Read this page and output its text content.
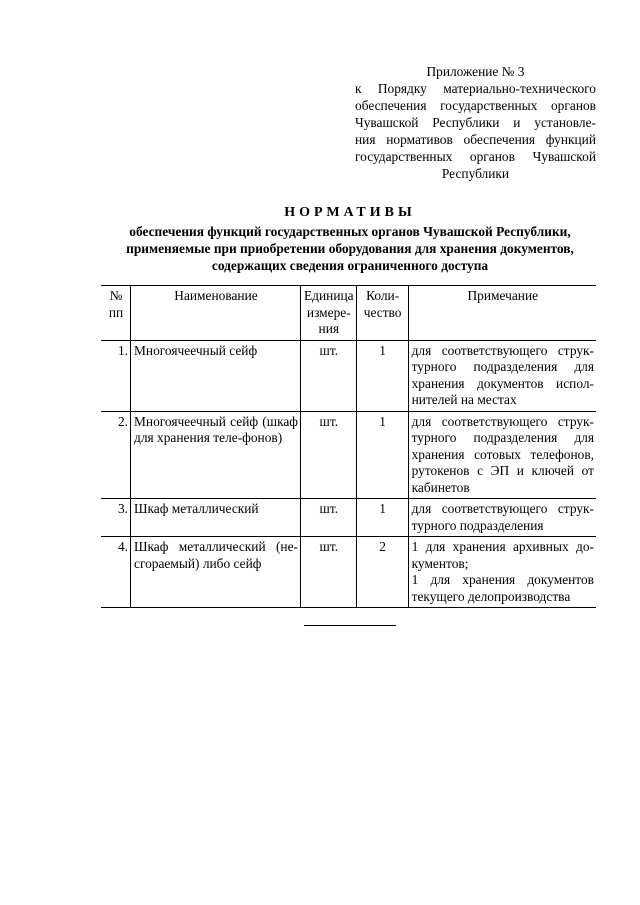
Приложение № 3
к Порядку материально-технического
обеспечения государственных органов
Чувашской Республики и установле-
ния нормативов обеспечения функций
государственных органов Чувашской
Республики
НОРМАТИВЫ
обеспечения функций государственных органов Чувашской Республики,
применяемые при приобретении оборудования для хранения документов,
содержащих сведения ограниченного доступа
№ пп	Наименование	Единица измере-ния	Коли-чество	Примечание
1.	Многоячеечный сейф	шт.	1	для соответствующего струк-турного подразделения для хранения документов испол-нителей на местах

2.	Многоячеечный сейф (шкаф для хранения теле-фонов)	шт.	1	для соответствующего струк-турного подразделения для хранения сотовых телефонов, рутокенов с ЭП и ключей от кабинетов

3.	Шкаф металлический	шт.	1	для соответствующего струк-турного подразделения

4.	Шкаф металлический (не-сгораемый) либо сейф	шт.	2	1 для хранения архивных до-кументов;
1 для хранения документов текущего делопроизводства
